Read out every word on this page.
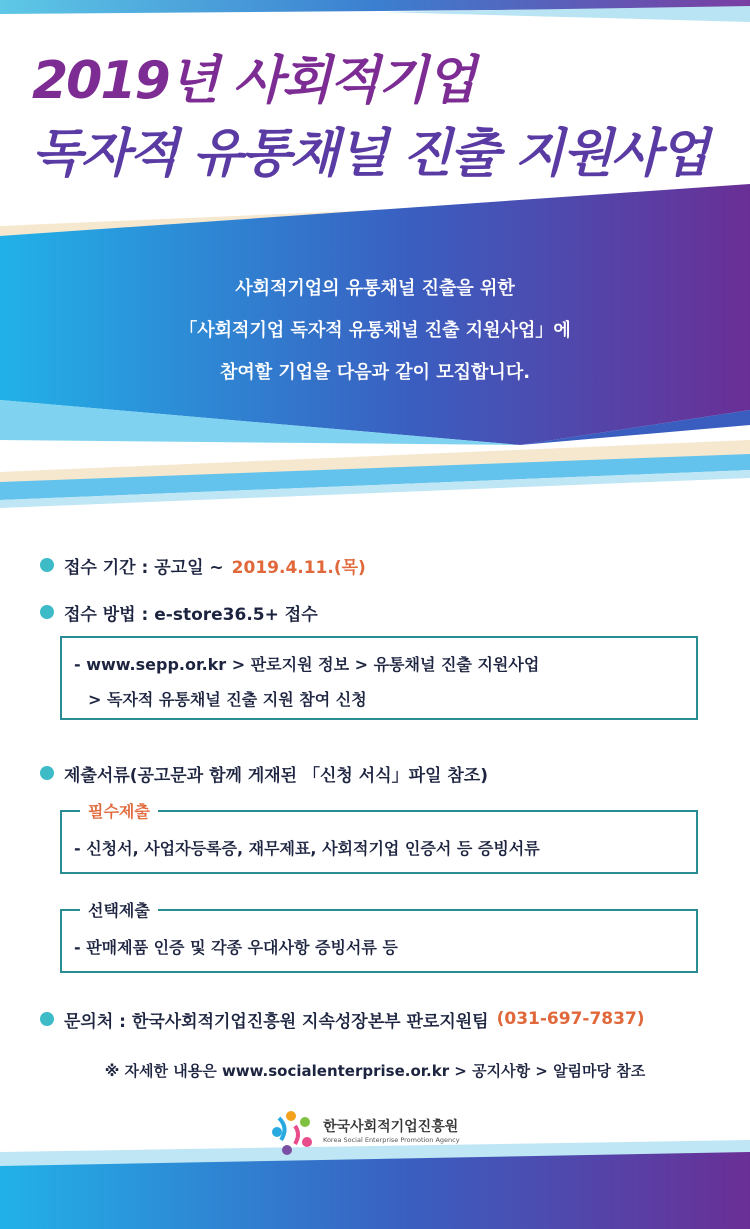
2019년 사회적기업
독자적 유통채널 진출 지원사업
사회적기업의 유통채널 진출을 위한
「사회적기업 독자적 유통채널 진출 지원사업」에
참여할 기업을 다음과 같이 모집합니다.
접수 기간 : 공고일 ~ 2019.4.11.(목)
접수 방법 : e-store36.5+ 접수
- www.sepp.or.kr > 판로지원 정보 > 유통채널 진출 지원사업
> 독자적 유통채널 진출 지원 참여 신청
제출서류(공고문과 함께 게재된 「신청 서식」파일 참조)
필수제출
- 신청서, 사업자등록증, 재무제표, 사회적기업 인증서 등 증빙서류
선택제출
- 판매제품 인증 및 각종 우대사항 증빙서류 등
문의처 : 한국사회적기업진흥원 지속성장본부 판로지원팀 (031-697-7837)
※ 자세한 내용은 www.socialenterprise.or.kr > 공지사항 > 알림마당 참조
한국사회적기업진흥원
Korea Social Enterprise Promotion Agency
